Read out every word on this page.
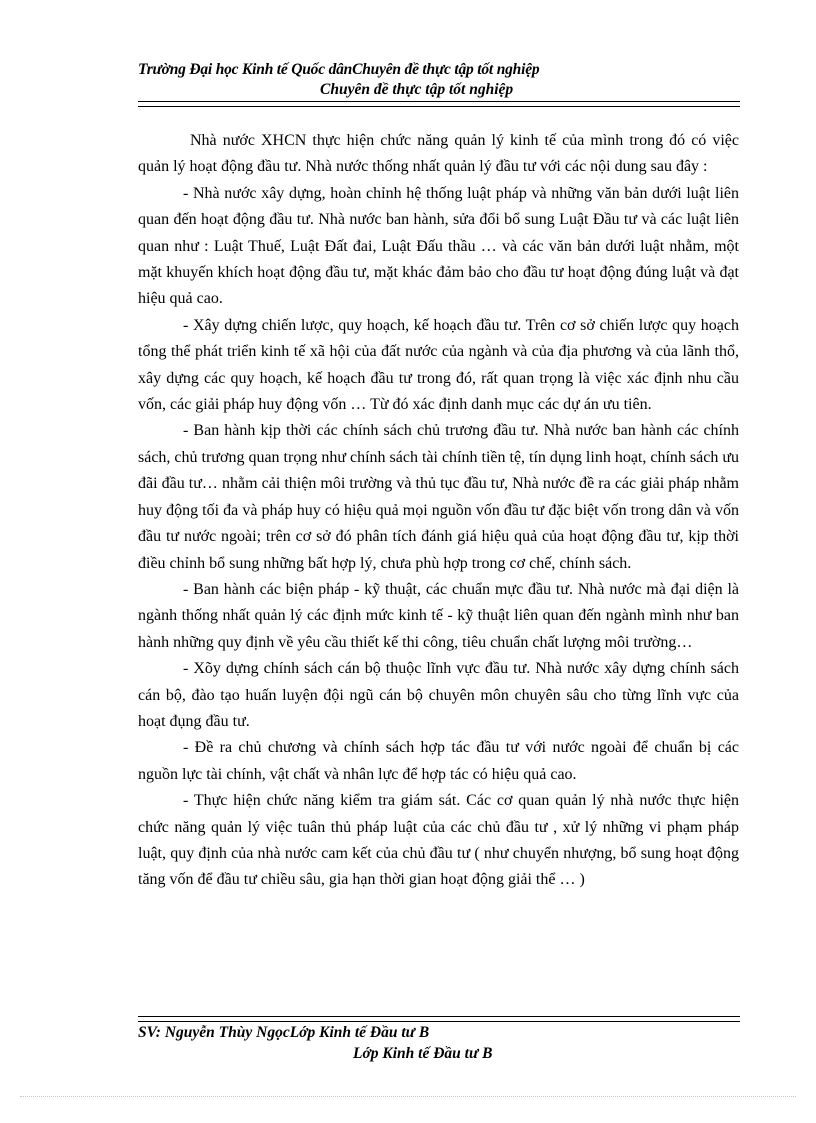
Trường Đại học Kinh tế Quốc dânChuyên đề thực tập tốt nghiệp
Chuyên đề thực tập tốt nghiệp

Nhà nước XHCN thực hiện chức năng quản lý kinh tế của mình trong đó có việc quản lý hoạt động đầu tư. Nhà nước thống nhất quản lý đầu tư với các nội dung sau đây :

- Nhà nước xây dựng, hoàn chỉnh hệ thống luật pháp và những văn bản dưới luật liên quan đến hoạt động đầu tư. Nhà nước ban hành, sửa đổi bổ sung Luật Đầu tư và các luật liên quan như : Luật Thuế, Luật Đất đai, Luật Đấu thầu … và các văn bản dưới luật nhằm, một mặt khuyến khích hoạt động đầu tư, mặt khác đảm bảo cho đầu tư hoạt động đúng luật và đạt hiệu quả cao.

- Xây dựng chiến lược, quy hoạch, kế hoạch đầu tư. Trên cơ sở chiến lược quy hoạch tổng thể phát triển kinh tế xã hội của đất nước của ngành và của địa phương và của lãnh thổ, xây dựng các quy hoạch, kế hoạch đầu tư trong đó, rất quan trọng là việc xác định nhu cầu vốn, các giải pháp huy động vốn … Từ đó xác định danh mục các dự án ưu tiên.

- Ban hành kịp thời các chính sách chủ trương đầu tư. Nhà nước ban hành các chính sách, chủ trương quan trọng như chính sách tài chính tiền tệ, tín dụng linh hoạt, chính sách ưu đãi đầu tư… nhằm cải thiện môi trường và thủ tục đầu tư, Nhà nước đề ra các giải pháp nhằm huy động tối đa và pháp huy có hiệu quả mọi nguồn vốn đầu tư đặc biệt vốn trong dân và vốn đầu tư nước ngoài; trên cơ sở đó phân tích đánh giá hiệu quả của hoạt động đầu tư, kịp thời điều chỉnh bổ sung những bất hợp lý, chưa phù hợp trong cơ chế, chính sách.

- Ban hành các biện pháp - kỹ thuật, các chuẩn mực đầu tư. Nhà nước mà đại diện là ngành thống nhất quản lý các định mức kinh tế - kỹ thuật liên quan đến ngành mình như ban hành những quy định về yêu cầu thiết kế thi công, tiêu chuẩn chất lượng môi trường…

- Xõy dựng chính sách cán bộ thuộc lĩnh vực đầu tư. Nhà nước xây dựng chính sách cán bộ, đào tạo huấn luyện đội ngũ cán bộ chuyên môn chuyên sâu cho từng lĩnh vực của hoạt đụng đầu tư.

- Đề ra chủ chương và chính sách hợp tác đầu tư với nước ngoài để chuẩn bị các nguồn lực tài chính, vật chất và nhân lực để hợp tác có hiệu quả cao.

- Thực hiện chức năng kiểm tra giám sát. Các cơ quan quản lý nhà nước thực hiện chức năng quản lý việc tuân thủ pháp luật của các chủ đầu tư , xử lý những vi phạm pháp luật, quy định của nhà nước cam kết của chủ đầu tư ( như chuyển nhượng, bổ sung hoạt động tăng vốn để đầu tư chiều sâu, gia hạn thời gian hoạt động giải thể … )

SV: Nguyễn Thùy NgọcLớp Kinh tế Đầu tư B
Lớp Kinh tế Đầu tư B
